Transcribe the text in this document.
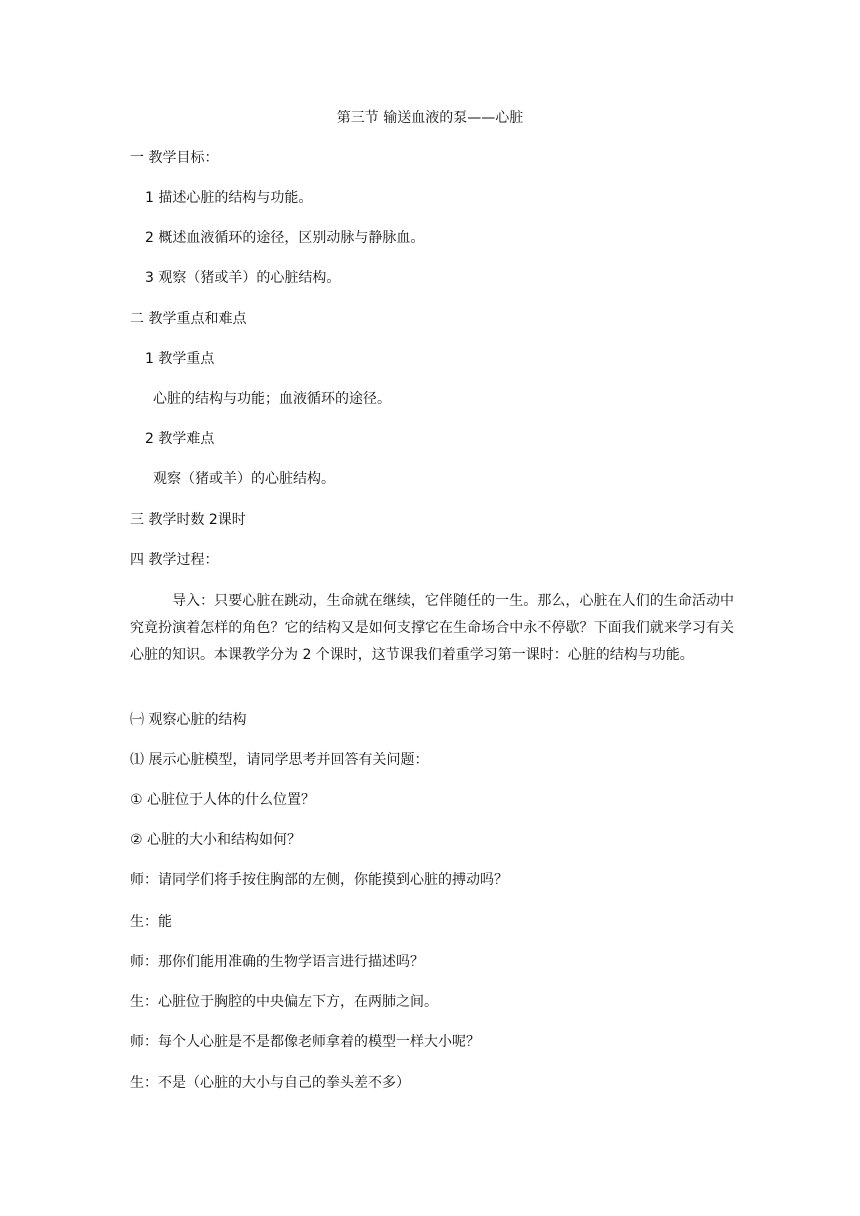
第三节 输送血液的泵——心脏
一 教学目标：
1 描述心脏的结构与功能。
2 概述血液循环的途径，区别动脉与静脉血。
3 观察（猪或羊）的心脏结构。
二 教学重点和难点
1 教学重点
心脏的结构与功能；血液循环的途径。
2 教学难点
观察（猪或羊）的心脏结构。
三 教学时数 2课时
四 教学过程：
导入：只要心脏在跳动，生命就在继续，它伴随任的一生。那么，心脏在人们的生命活动中究竟扮演着怎样的角色？它的结构又是如何支撑它在生命场合中永不停歇？下面我们就来学习有关心脏的知识。本课教学分为 2 个课时，这节课我们着重学习第一课时：心脏的结构与功能。
㈠ 观察心脏的结构
⑴ 展示心脏模型，请同学思考并回答有关问题：
① 心脏位于人体的什么位置？
② 心脏的大小和结构如何？
师：请同学们将手按住胸部的左侧，你能摸到心脏的搏动吗？
生：能
师：那你们能用准确的生物学语言进行描述吗？
生：心脏位于胸腔的中央偏左下方，在两肺之间。
师：每个人心脏是不是都像老师拿着的模型一样大小呢？
生：不是（心脏的大小与自己的拳头差不多）
